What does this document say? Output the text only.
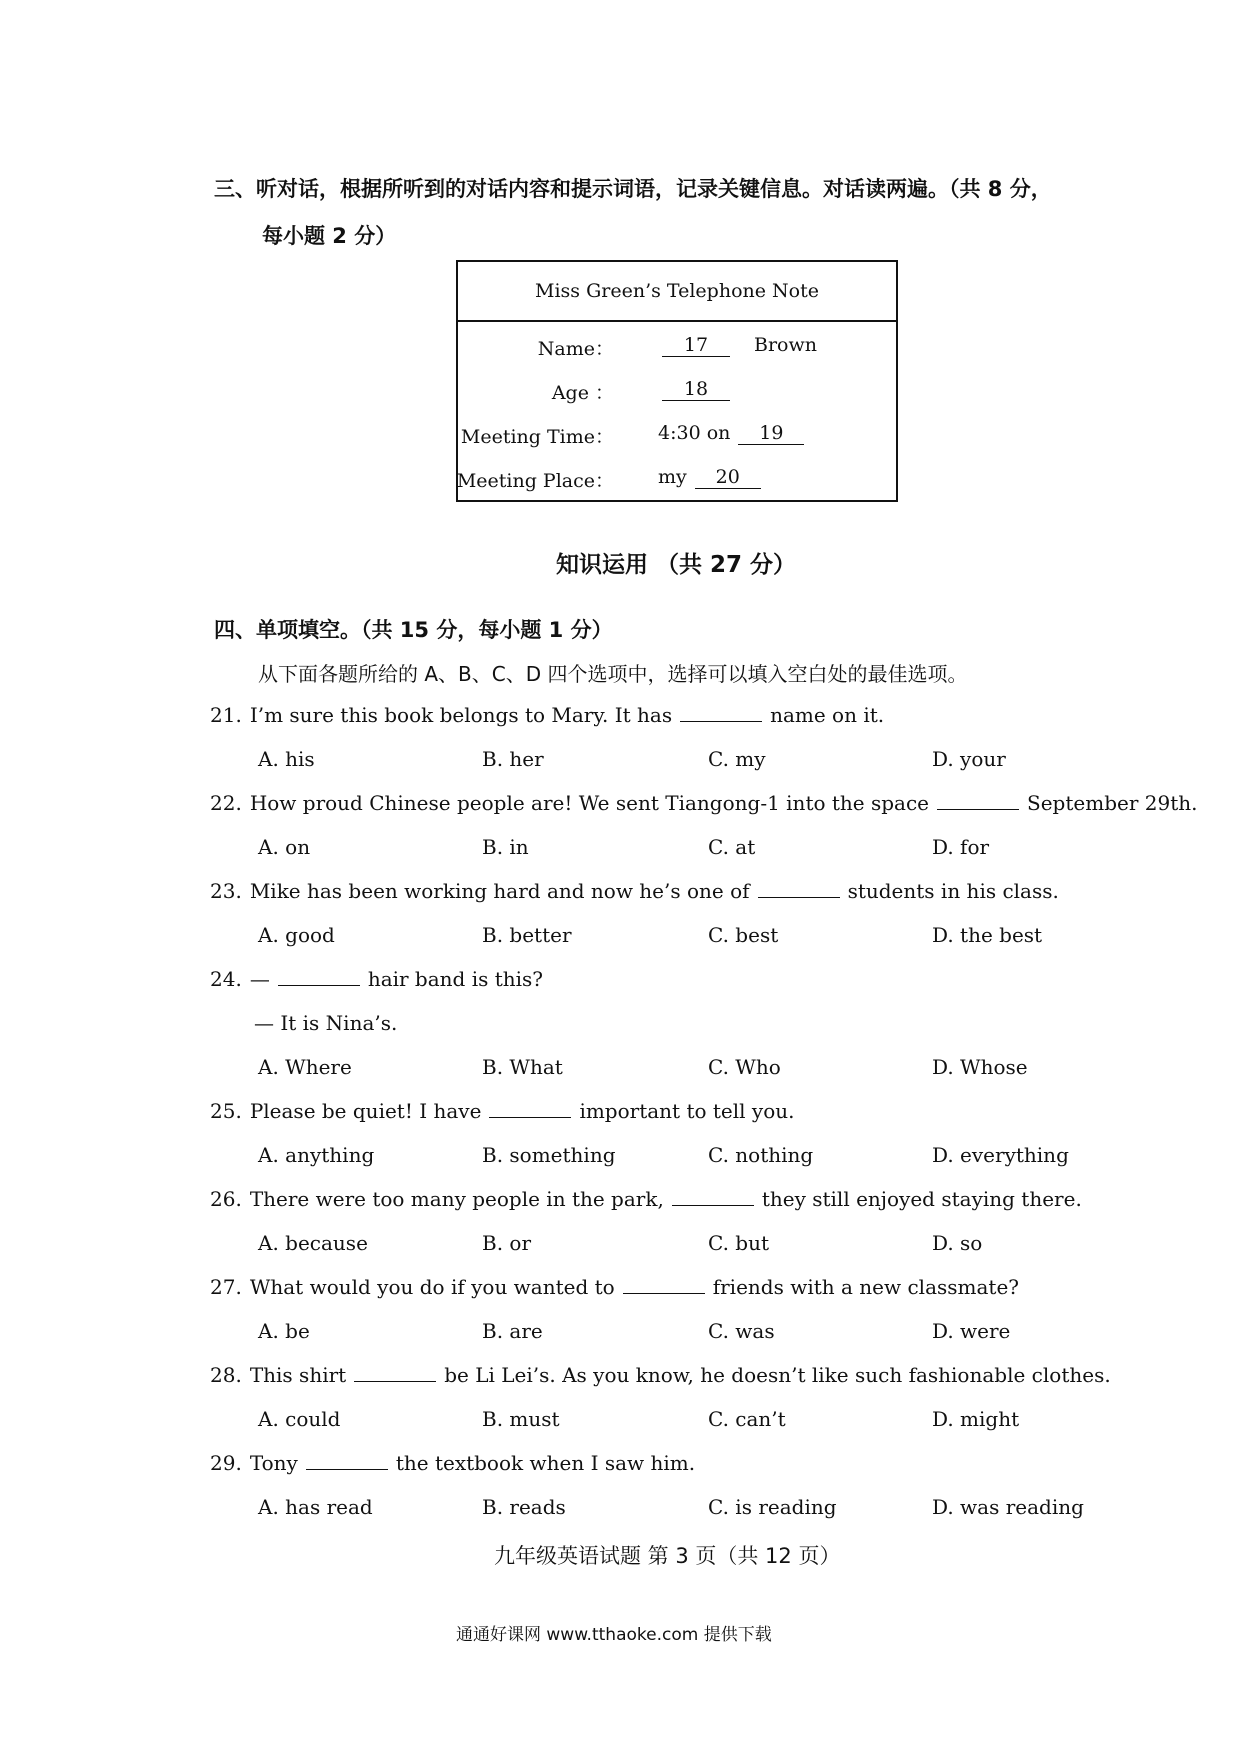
三、听对话，根据所听到的对话内容和提示词语，记录关键信息。对话读两遍。（共 8 分，
每小题 2 分）
Miss Green’s Telephone Note
Name：	17 Brown
Age ：	18
Meeting Time： 4:30 on 19
Meeting Place： my 20
知识运用 （共 27 分）
四、单项填空。（共 15 分，每小题 1 分）
从下面各题所给的 A、B、C、D 四个选项中，选择可以填入空白处的最佳选项。
21. I’m sure this book belongs to Mary. It has	name on it.
A. his	B. her	C. my	D. your
22. How proud Chinese people are! We sent Tiangong-1 into the space	September 29th.
A. on	B. in	C. at	D. for
23. Mike has been working hard and now he’s one of	students in his class.
A. good	B. better	C. best	D. the best
24. —	hair band is this?
— It is Nina’s.
A. Where	B. What	C. Who	D. Whose
25. Please be quiet! I have	important to tell you.
A. anything	B. something	C. nothing	D. everything
26. There were too many people in the park,	they still enjoyed staying there.
A. because	B. or	C. but	D. so
27. What would you do if you wanted to	friends with a new classmate?
A. be	B. are	C. was	D. were
28. This shirt	be Li Lei’s. As you know, he doesn’t like such fashionable clothes.
A. could	B. must	C. can’t	D. might
29. Tony	the textbook when I saw him.
A. has read	B. reads	C. is reading	D. was reading
九年级英语试题 第 3 页（共 12 页）
通通好课网 www.tthaoke.com 提供下载
